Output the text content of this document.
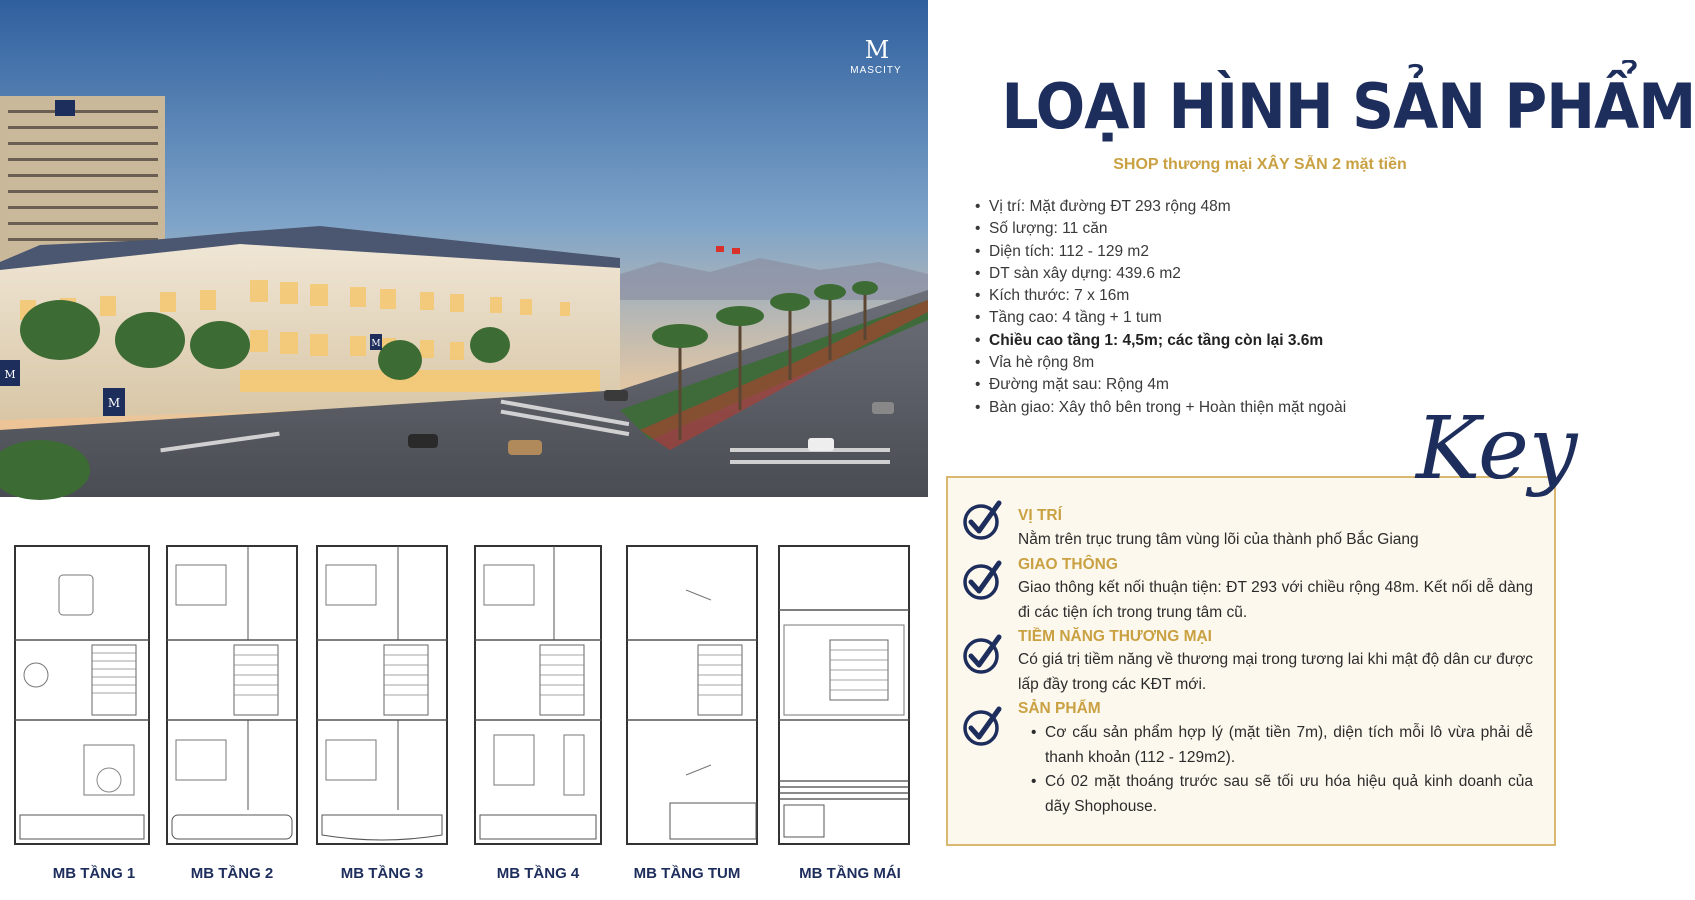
M
M
M
M
MASCITY LOẠI HÌNH SẢN PHẨM
SHOP thương mại XÂY SẴN 2 mặt tiền
• Vị trí: Mặt đường ĐT 293 rộng 48m
• Số lượng: 11 căn
• Diện tích: 112 - 129 m2
• DT sàn xây dựng: 439.6 m2
• Kích thước: 7 x 16m
• Tầng cao: 4 tầng + 1 tum
• Chiều cao tầng 1: 4,5m; các tầng còn lại 3.6m
• Vỉa hè rộng 8m
• Đường mặt sau: Rộng 4m
• Bàn giao: Xây thô bên trong + Hoàn thiện mặt ngoài
VỊ TRÍ
Nằm trên trục trung tâm vùng lõi của thành phố Bắc Giang
GIAO THÔNG
Giao thông kết nối thuận tiện: ĐT 293 với chiều rộng 48m. Kết nối dễ dàng đi các tiện ích trong trung tâm cũ.
TIỀM NĂNG THƯƠNG MẠI
Có giá trị tiềm năng về thương mại trong tương lai khi mật độ dân cư được lấp đầy trong các KĐT mới.
SẢN PHẨM
• Cơ cấu sản phẩm hợp lý (mặt tiền 7m), diện tích mỗi lô vừa phải dễ thanh khoản (112 - 129m2).
• Có 02 mặt thoáng trước sau sẽ tối ưu hóa hiệu quả kinh doanh của dãy Shophouse.
Key
MB TẦNG 1	MB TẦNG 2	MB TẦNG 3	MB TẦNG 4	MB TẦNG TUM	MB TẦNG MÁI
